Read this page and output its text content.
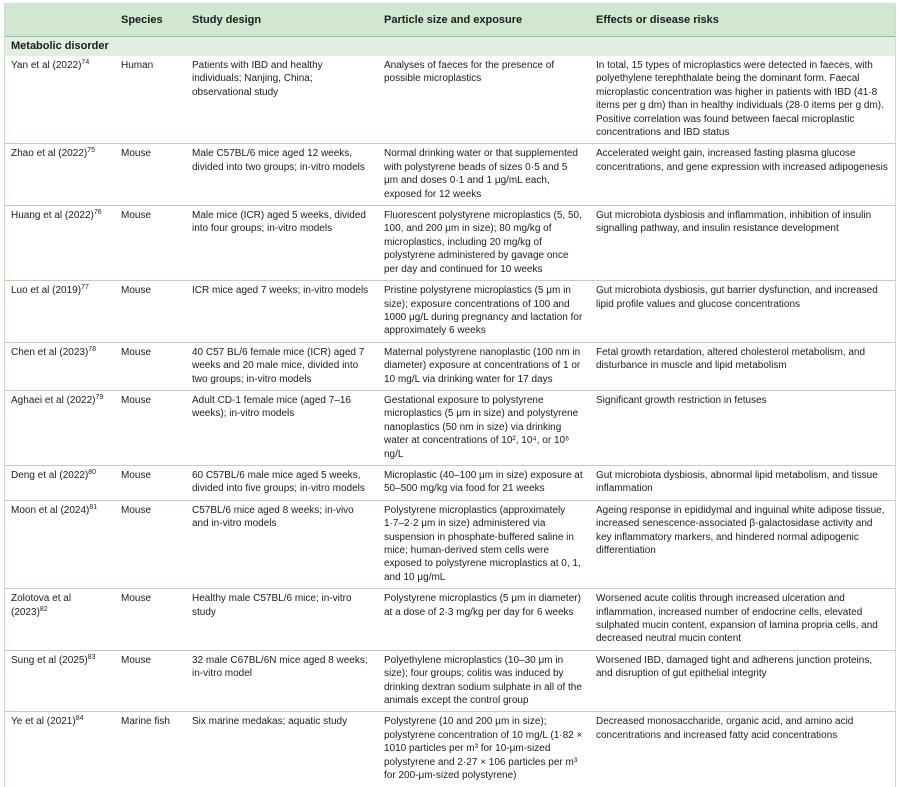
	Species	Study design	Particle size and exposure	Effects or disease risks
Metabolic disorder				
Yan et al $(2022)^{74}$	Human	Patients with IBD and healthy individuals; Nanjing, China; observational study	Analyses of faeces for the presence of possible microplastics	In total, 15 types of microplastics were detected in faeces, with polyethylene terephthalate being the dominant form. Faecal microplastic concentration was higher in patients with IBD (41·8 items per g dm) than in healthy individuals (28·0 items per g dm). Positive correlation was found between faecal microplastic concentrations and IBD status
Zhao et al $(2022)^{75}$	Mouse	Male C57BL/6 mice aged 12 weeks, divided into two groups; in-vitro models	Normal drinking water or that supplemented with polystyrene beads of sizes 0·5 and 5 μm and doses 0·1 and 1 μg/mL each, exposed for 12 weeks	Accelerated weight gain, increased fasting plasma glucose concentrations, and gene expression with increased adipogenesis
Huang et al $(2022)^{76}$	Mouse	Male mice (ICR) aged 5 weeks, divided into four groups; in-vitro models	Fluorescent polystyrene microplastics (5, 50, 100, and 200 μm in size); 80 mg/kg of microplastics, including 20 mg/kg of polystyrene administered by gavage once per day and continued for 10 weeks	Gut microbiota dysbiosis and inflammation, inhibition of insulin signalling pathway, and insulin resistance development
Luo et al $(2019)^{77}$	Mouse	ICR mice aged 7 weeks; in-vitro models	Pristine polystyrene microplastics (5 μm in size); exposure concentrations of 100 and 1000 μg/L during pregnancy and lactation for approximately 6 weeks	Gut microbiota dysbiosis, gut barrier dysfunction, and increased lipid profile values and glucose concentrations
Chen et al $(2023)^{78}$	Mouse	40 C57 BL/6 female mice (ICR) aged 7 weeks and 20 male mice, divided into two groups; in-vitro models	Maternal polystyrene nanoplastic (100 nm in diameter) exposure at concentrations of 1 or 10 mg/L via drinking water for 17 days	Fetal growth retardation, altered cholesterol metabolism, and disturbance in muscle and lipid metabolism
Aghaei et al $(2022)^{79}$	Mouse	Adult CD-1 female mice (aged 7–16 weeks); in-vitro models	Gestational exposure to polystyrene microplastics (5 μm in size) and polystyrene nanoplastics (50 nm in size) via drinking water at concentrations of 10², 10⁴, or 10⁶ ng/L	Significant growth restriction in fetuses
Deng et al $(2022)^{80}$	Mouse	60 C57BL/6 male mice aged 5 weeks, divided into five groups; in-vitro models	Microplastic (40–100 μm in size) exposure at 50–500 mg/kg via food for 21 weeks	Gut microbiota dysbiosis, abnormal lipid metabolism, and tissue inflammation
Moon et al $(2024)^{81}$	Mouse	C57BL/6 mice aged 8 weeks; in-vivo and in-vitro models	Polystyrene microplastics (approximately 1·7–2·2 μm in size) administered via suspension in phosphate-buffered saline in mice; human-derived stem cells were exposed to polystyrene microplastics at 0, 1, and 10 μg/mL	Ageing response in epididymal and inguinal white adipose tissue, increased senescence-associated β-galactosidase activity and key inflammatory markers, and hindered normal adipogenic differentiation
Zolotova et al $(2023)^{82}$	Mouse	Healthy male C57BL/6 mice; in-vitro study	Polystyrene microplastics (5 μm in diameter) at a dose of 2·3 mg/kg per day for 6 weeks	Worsened acute colitis through increased ulceration and inflammation, increased number of endocrine cells, elevated sulphated mucin content, expansion of lamina propria cells, and decreased neutral mucin content
Sung et al $(2025)^{83}$	Mouse	32 male C67BL/6N mice aged 8 weeks; in-vitro model	Polyethylene microplastics (10–30 μm in size); four groups; colitis was induced by drinking dextran sodium sulphate in all of the animals except the control group	Worsened IBD, damaged tight and adherens junction proteins, and disruption of gut epithelial integrity
Ye et al $(2021)^{84}$	Marine fish	Six marine medakas; aquatic study	Polystyrene (10 and 200 μm in size); polystyrene concentration of 10 mg/L (1·82 × 1010 particles per m³ for 10-μm-sized polystyrene and 2·27 × 106 particles per m³ for 200-μm-sized polystyrene)	Decreased monosaccharide, organic acid, and amino acid concentrations and increased fatty acid concentrations
